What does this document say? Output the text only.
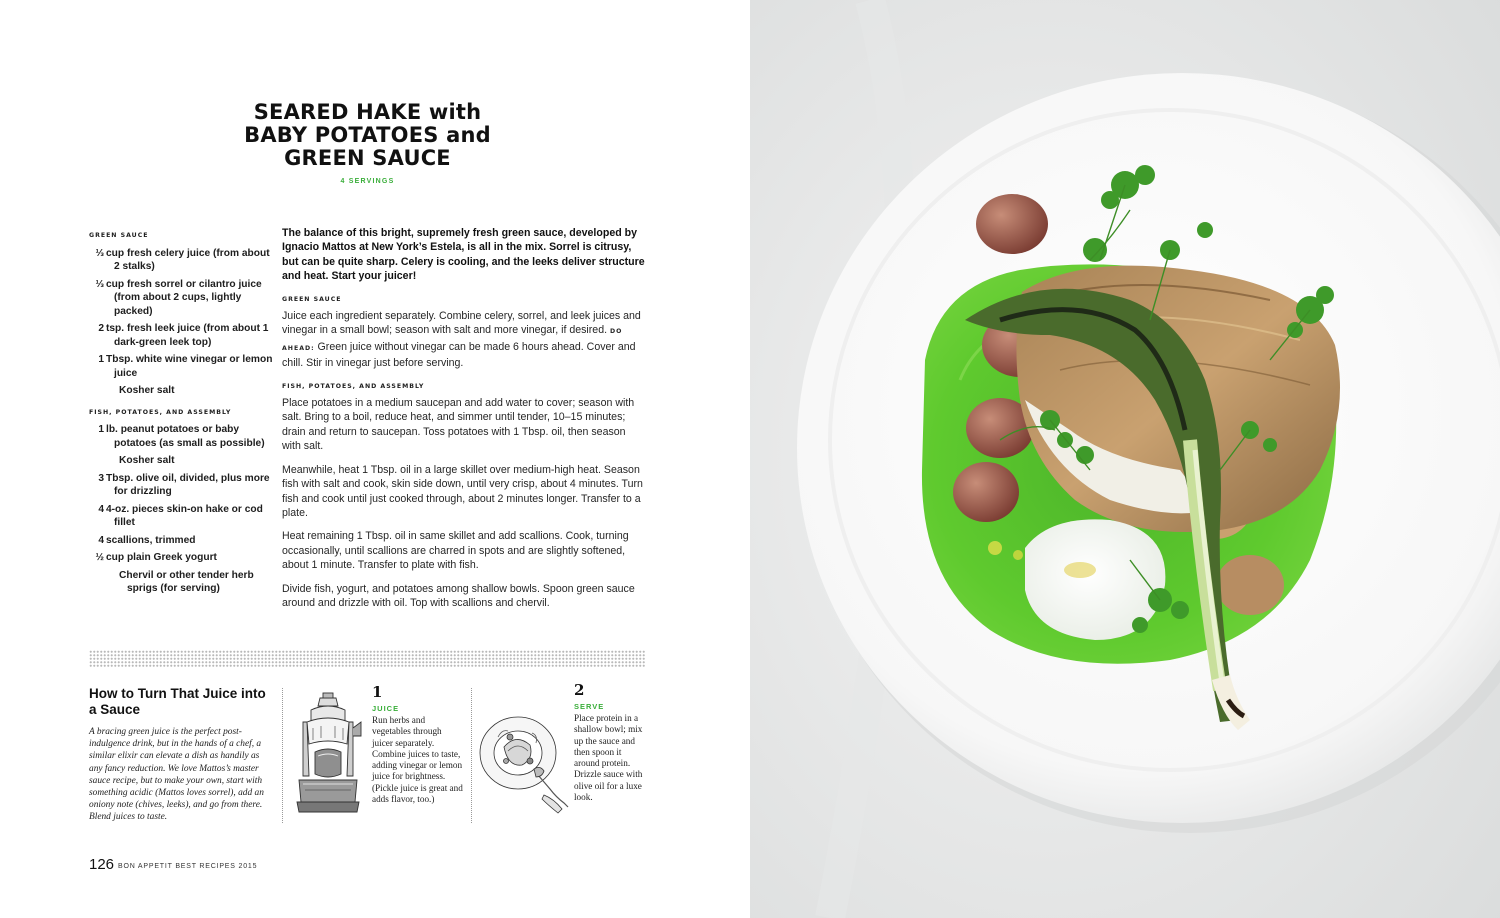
SEARED HAKE with
BABY POTATOES and
GREEN SAUCE
4 SERVINGS
GREEN SAUCE
⅓ cup fresh celery juice (from about 2 stalks)
⅓ cup fresh sorrel or cilantro juice (from about 2 cups, lightly packed)
2 tsp. fresh leek juice (from about 1 dark-green leek top)
1 Tbsp. white wine vinegar or lemon juice
Kosher salt
FISH, POTATOES, AND ASSEMBLY
1 lb. peanut potatoes or baby potatoes (as small as possible)
Kosher salt
3 Tbsp. olive oil, divided, plus more for drizzling
4 4-oz. pieces skin-on hake or cod fillet
4 scallions, trimmed
½ cup plain Greek yogurt
Chervil or other tender herb sprigs (for serving)

The balance of this bright, supremely fresh green sauce, developed by Ignacio Mattos at New York’s Estela, is all in the mix. Sorrel is citrusy, but can be quite sharp. Celery is cooling, and the leeks deliver structure and heat. Start your juicer!

GREEN SAUCE

Juice each ingredient separately. Combine celery, sorrel, and leek juices and vinegar in a small bowl; season with salt and more vinegar, if desired. DO AHEAD: Green juice without vinegar can be made 6 hours ahead. Cover and chill. Stir in vinegar just before serving.

FISH, POTATOES, AND ASSEMBLY

Place potatoes in a medium saucepan and add water to cover; season with salt. Bring to a boil, reduce heat, and simmer until tender, 10–15 minutes; drain and return to saucepan. Toss potatoes with 1 Tbsp. oil, then season with salt.

Meanwhile, heat 1 Tbsp. oil in a large skillet over medium-high heat. Season fish with salt and cook, skin side down, until very crisp, about 4 minutes. Turn fish and cook until just cooked through, about 2 minutes longer. Transfer to a plate.

Heat remaining 1 Tbsp. oil in same skillet and add scallions. Cook, turning occasionally, until scallions are charred in spots and are slightly softened, about 1 minute. Transfer to plate with fish.

Divide fish, yogurt, and potatoes among shallow bowls. Spoon green sauce around and drizzle with oil. Top with scallions and chervil.

How to Turn That Juice into a Sauce

A bracing green juice is the perfect post-indulgence drink, but in the hands of a chef, a similar elixir can elevate a dish as handily as any fancy reduction. We love Mattos’s master sauce recipe, but to make your own, start with something acidic (Mattos loves sorrel), add an oniony note (chives, leeks), and go from there. Blend juices to taste.

1
JUICE
Run herbs and vegetables through juicer separately. Combine juices to taste, adding vinegar or lemon juice for brightness. (Pickle juice is great and adds flavor, too.)
2
SERVE
Place protein in a shallow bowl; mix up the sauce and then spoon it around protein. Drizzle sauce with olive oil for a luxe look.
126 BON APPETIT BEST RECIPES 2015
